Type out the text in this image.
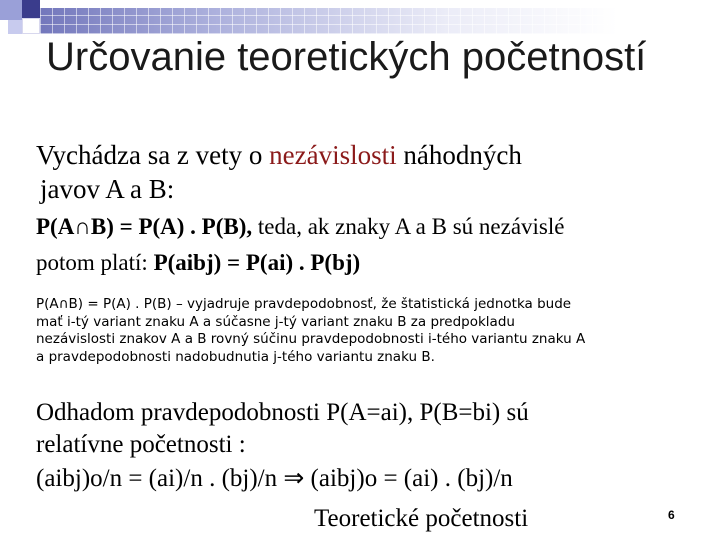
Určovanie teoretických početností
Vychádza sa z vety o nezávislosti náhodných
javov A a B:
P(A∩B) = P(A) . P(B), teda, ak znaky A a B sú nezávislé
potom platí: P(aibj) = P(ai) . P(bj)
P(A∩B) = P(A) . P(B) – vyjadruje pravdepodobnosť, že štatistická jednotka bude
mať i-tý variant znaku A a súčasne j-tý variant znaku B za predpokladu
nezávislosti znakov A a B rovný súčinu pravdepodobnosti i-tého variantu znaku A
a pravdepodobnosti nadobudnutia j-tého variantu znaku B.
Odhadom pravdepodobnosti P(A=ai), P(B=bi) sú
relatívne početnosti :
(aibj)o/n = (ai)/n . (bj)/n ⇒ (aibj)o = (ai) . (bj)/n
Teoretické početnosti	6
